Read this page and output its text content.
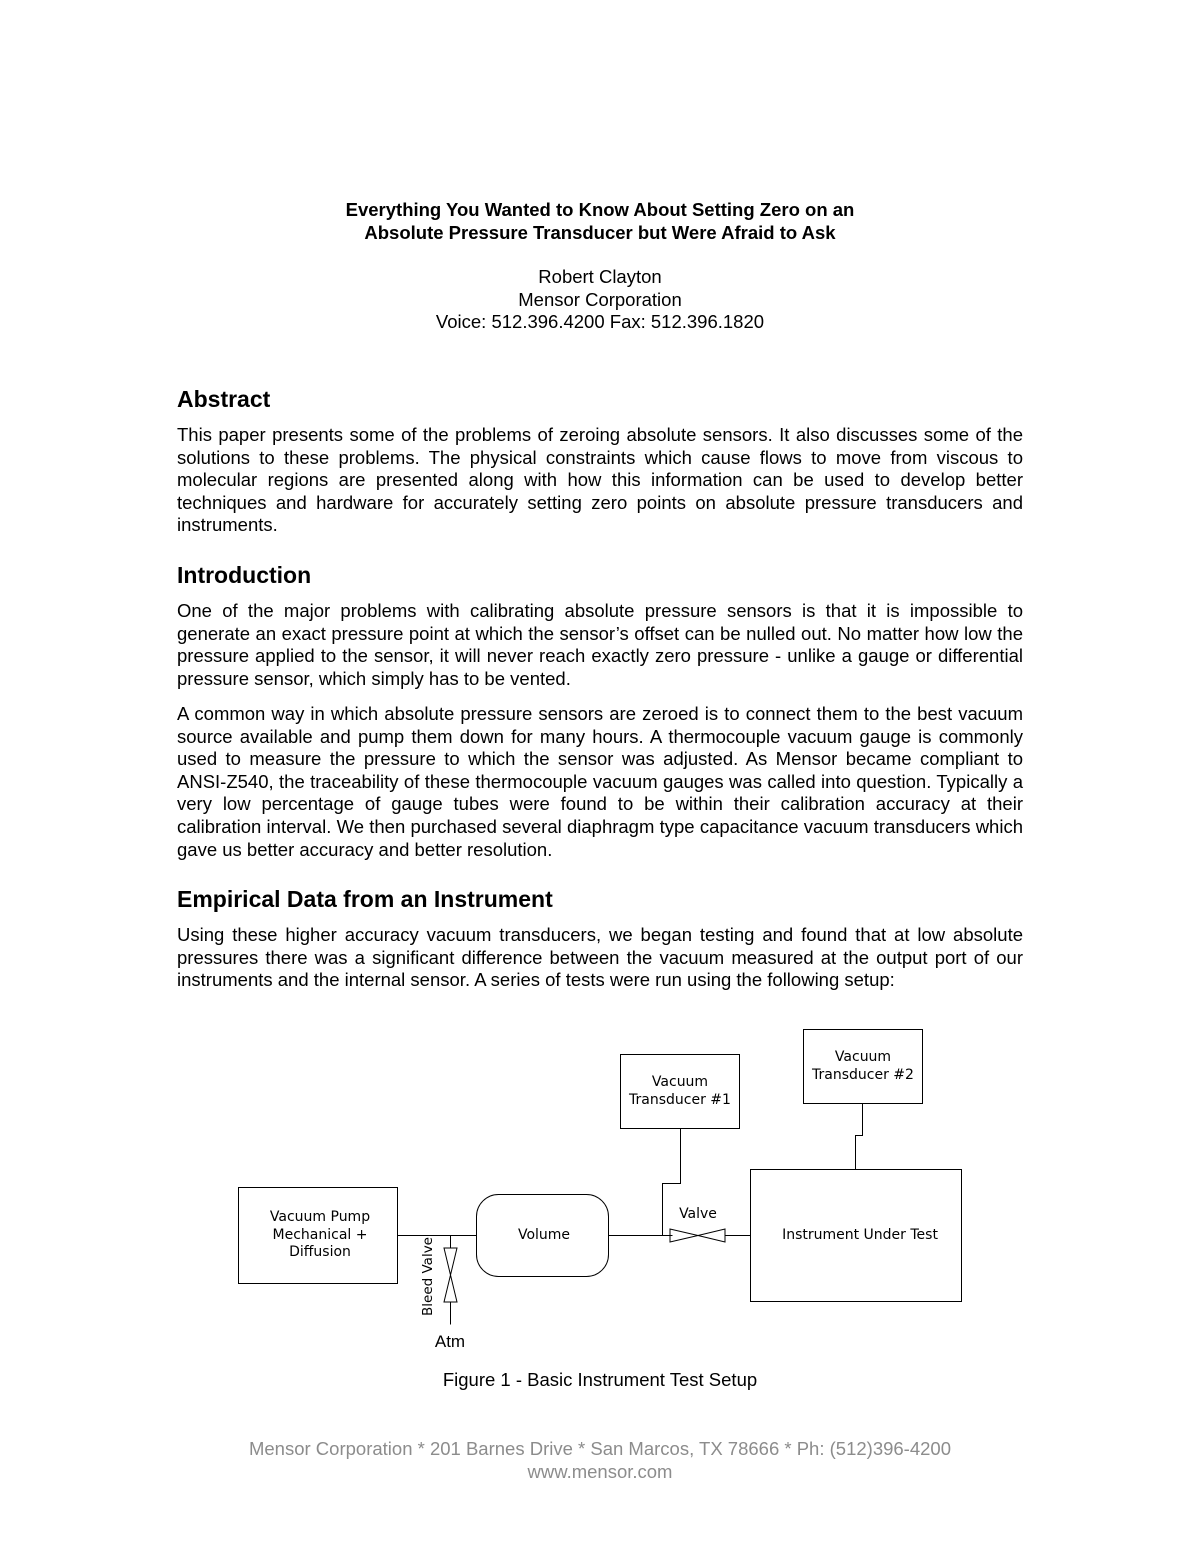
Everything You Wanted to Know About Setting Zero on an
Absolute Pressure Transducer but Were Afraid to Ask
Robert Clayton
Mensor Corporation
Voice: 512.396.4200 Fax: 512.396.1820
Abstract

This paper presents some of the problems of zeroing absolute sensors. It also discusses some of the solutions to these problems. The physical constraints which cause flows to move from viscous to molecular regions are presented along with how this information can be used to develop better techniques and hardware for accurately setting zero points on absolute pressure transducers and instruments.

Introduction

One of the major problems with calibrating absolute pressure sensors is that it is impossible to generate an exact pressure point at which the sensor’s offset can be nulled out. No matter how low the pressure applied to the sensor, it will never reach exactly zero pressure - unlike a gauge or differential pressure sensor, which simply has to be vented.

A common way in which absolute pressure sensors are zeroed is to connect them to the best vacuum source available and pump them down for many hours. A thermocouple vacuum gauge is commonly used to measure the pressure to which the sensor was adjusted. As Mensor became compliant to ANSI-Z540, the traceability of these thermocouple vacuum gauges was called into question. Typically a very low percentage of gauge tubes were found to be within their calibration accuracy at their calibration interval. We then purchased several diaphragm type capacitance vacuum transducers which gave us better accuracy and better resolution.

Empirical Data from an Instrument

Using these higher accuracy vacuum transducers, we began testing and found that at low absolute pressures there was a significant difference between the vacuum measured at the output port of our instruments and the internal sensor. A series of tests were run using the following setup:

Vacuum Pump
Mechanical +
Diffusion	Bleed Valve
Atm
Volume
Valve
Vacuum
Transducer #1
Vacuum
Transducer #2
Instrument Under Test
Figure 1 - Basic Instrument Test Setup
Mensor Corporation * 201 Barnes Drive * San Marcos, TX 78666 * Ph: (512)396-4200
www.mensor.com
